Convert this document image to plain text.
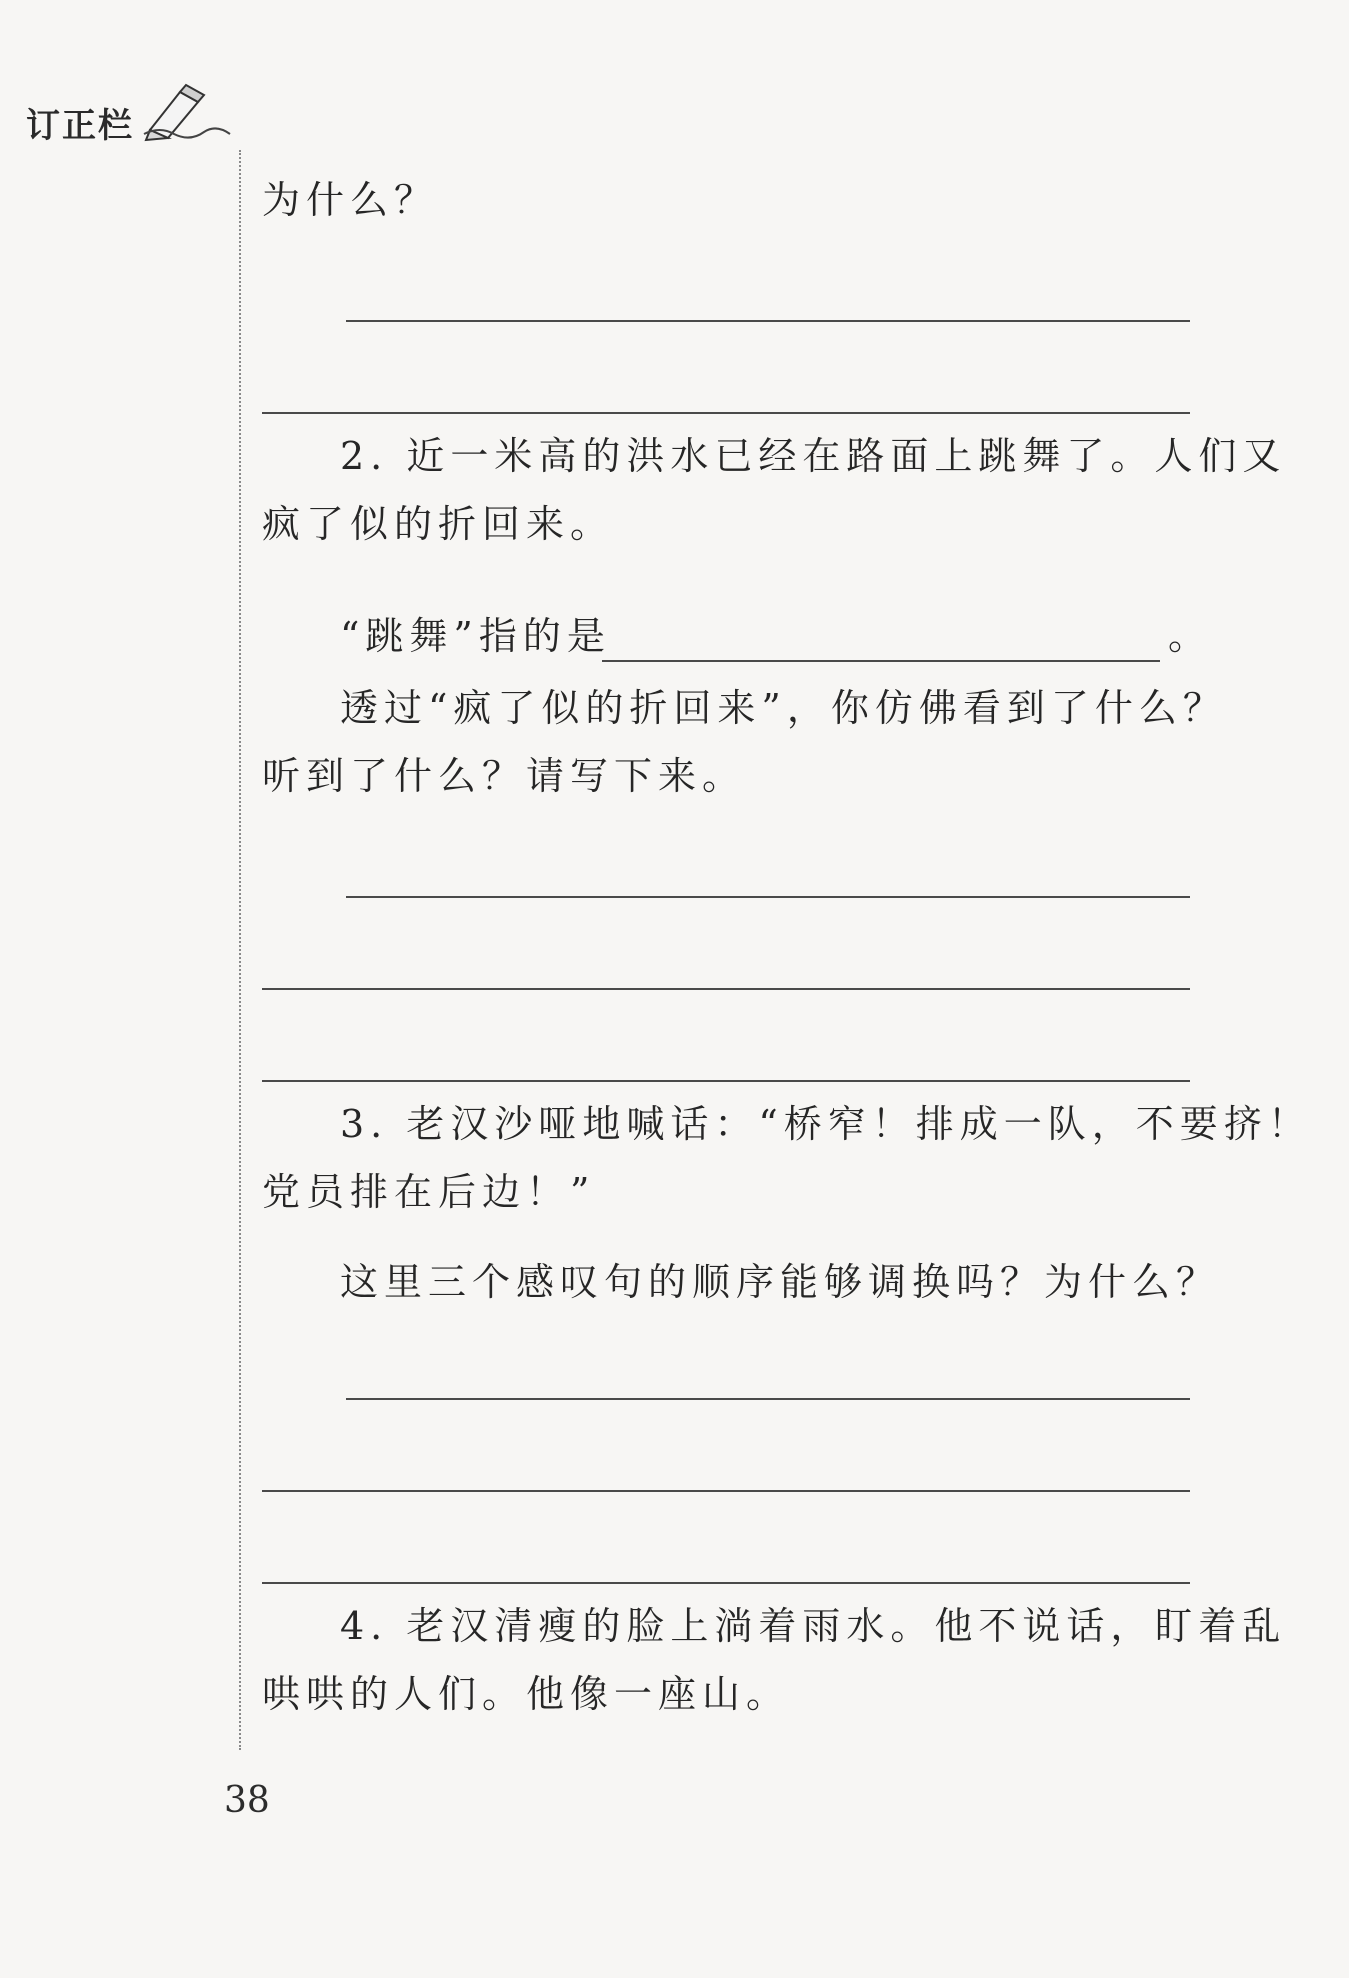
订正栏

为什么？

2. 近一米高的洪水已经在路面上跳舞了。人们又

疯了似的折回来。

“跳舞”指的是	。

透过“疯了似的折回来”，你仿佛看到了什么？

听到了什么？请写下来。

3. 老汉沙哑地喊话：“桥窄！排成一队，不要挤！

党员排在后边！”

这里三个感叹句的顺序能够调换吗？为什么？

4. 老汉清瘦的脸上淌着雨水。他不说话，盯着乱

哄哄的人们。他像一座山。

38
